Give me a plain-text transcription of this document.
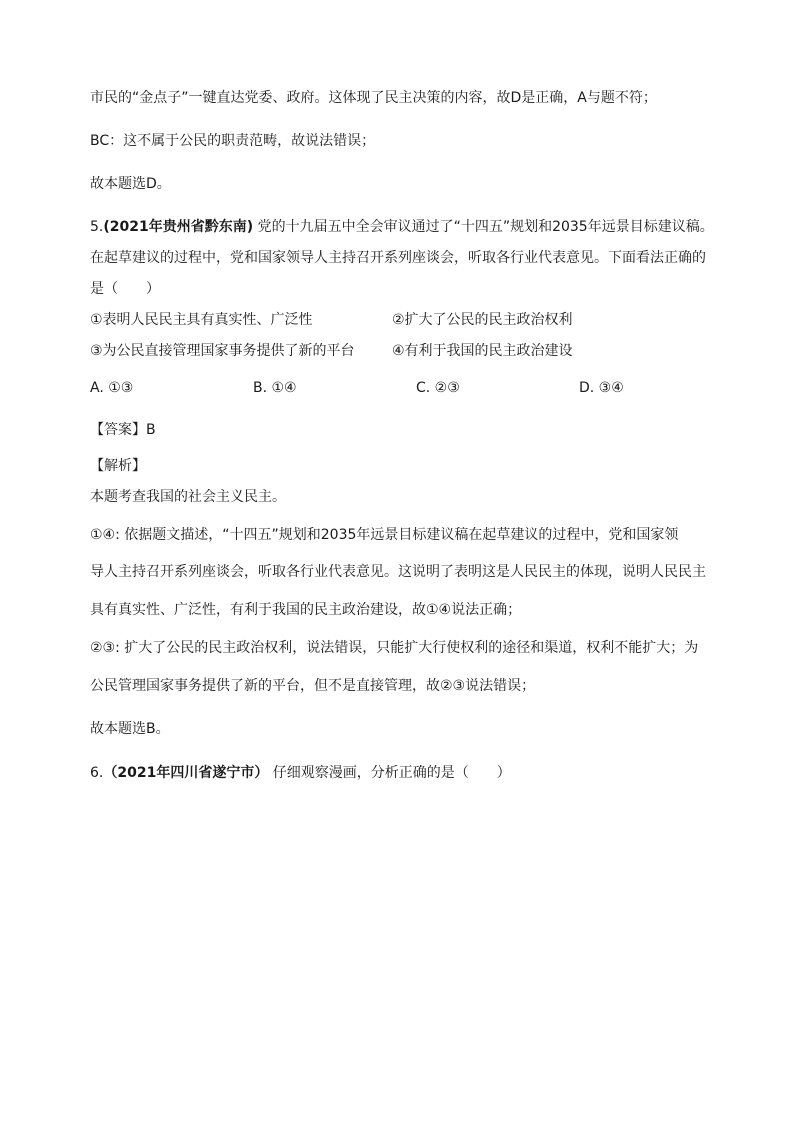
市民的“金点子”一键直达党委、政府。这体现了民主决策的内容，故D是正确，A与题不符；
BC：这不属于公民的职责范畴，故说法错误；
故本题选D。
5.(2021年贵州省黔东南) 党的十九届五中全会审议通过了“十四五”规划和2035年远景目标建议稿。
在起草建议的过程中，党和国家领导人主持召开系列座谈会，听取各行业代表意见。下面看法正确的
是（　　）
①表明人民民主具有真实性、广泛性	②扩大了公民的民主政治权利
③为公民直接管理国家事务提供了新的平台	④有利于我国的民主政治建设
A. ①③	B. ①④	C. ②③	D. ③④
【答案】B
【解析】
本题考查我国的社会主义民主。
①④: 依据题文描述，“十四五”规划和2035年远景目标建议稿在起草建议的过程中，党和国家领
导人主持召开系列座谈会，听取各行业代表意见。这说明了表明这是人民民主的体现，说明人民民主
具有真实性、广泛性，有利于我国的民主政治建设，故①④说法正确；
②③: 扩大了公民的民主政治权利，说法错误，只能扩大行使权利的途径和渠道，权利不能扩大；为
公民管理国家事务提供了新的平台，但不是直接管理，故②③说法错误；
故本题选B。
6.（2021年四川省遂宁市） 仔细观察漫画，分析正确的是（　　）
